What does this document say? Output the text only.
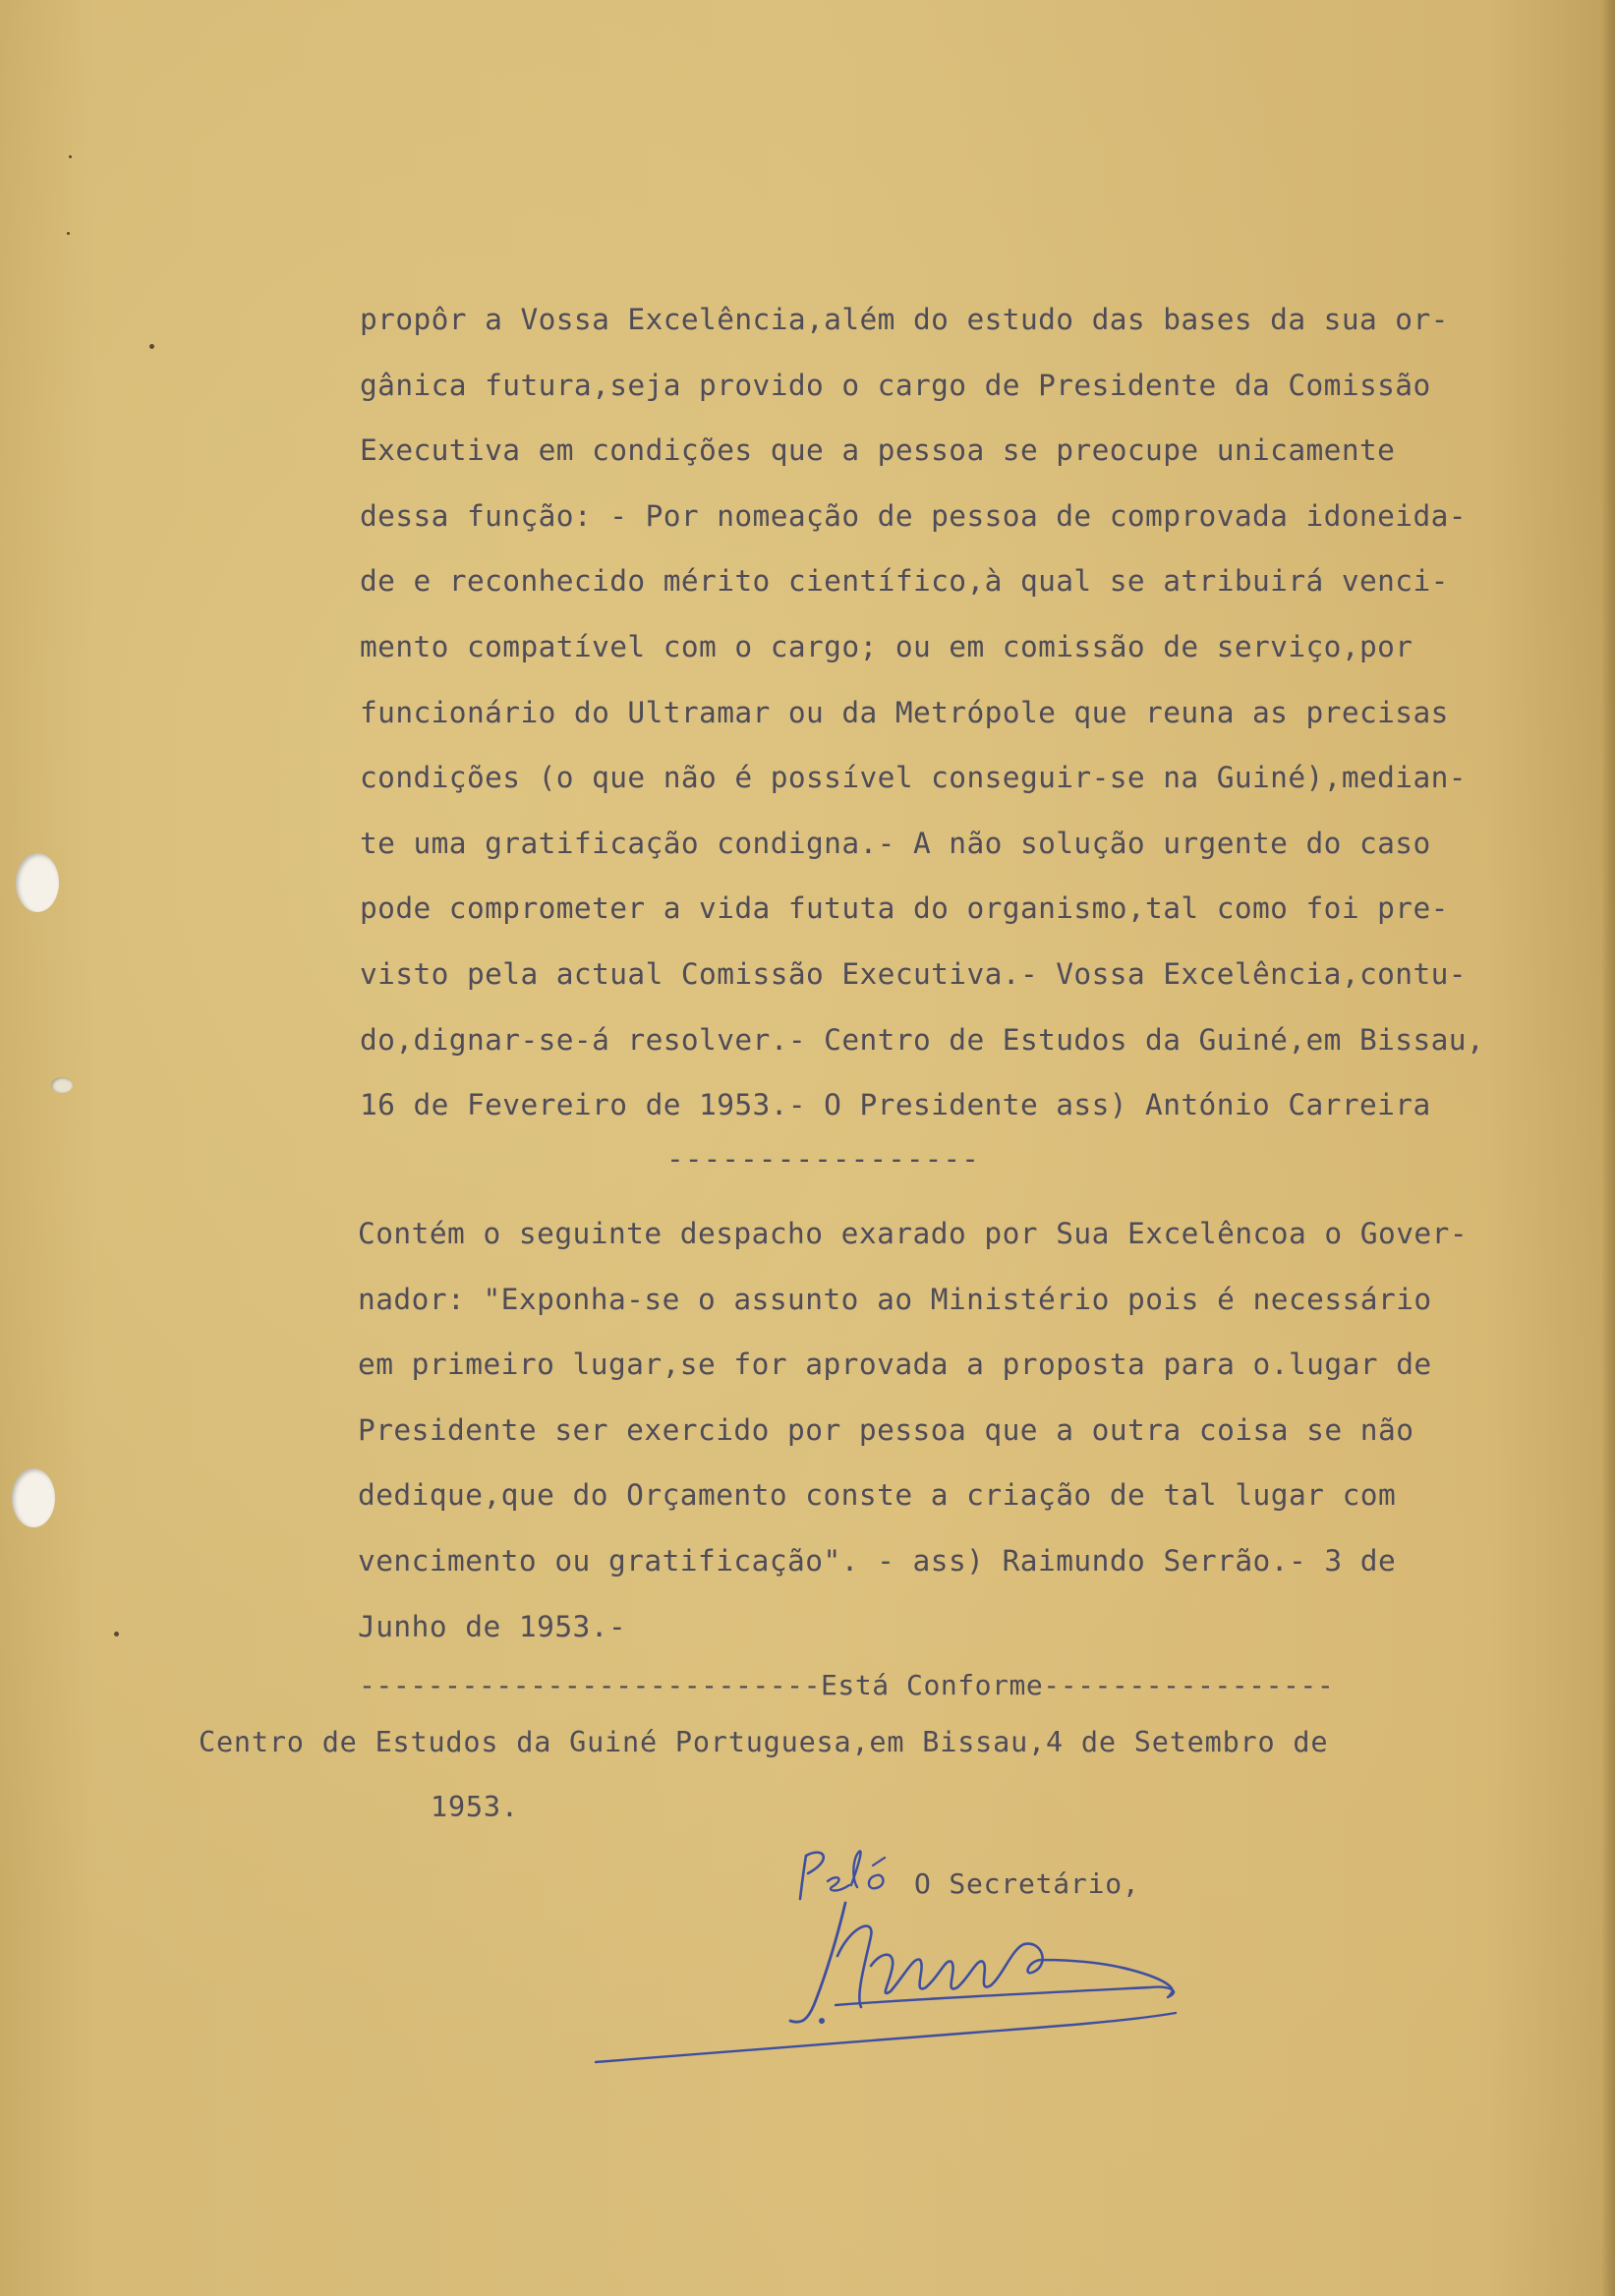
propôr a Vossa Excelência,além do estudo das bases da sua or-
gânica futura,seja provido o cargo de Presidente da Comissão
Executiva em condições que a pessoa se preocupe unicamente
dessa função: - Por nomeação de pessoa de comprovada idoneida-
de e reconhecido mérito científico,à qual se atribuirá venci-
mento compatível com o cargo; ou em comissão de serviço,por
funcionário do Ultramar ou da Metrópole que reuna as precisas
condições (o que não é possível conseguir-se na Guiné),median-
te uma gratificação condigna.- A não solução urgente do caso
pode comprometer a vida fututa do organismo,tal como foi pre-
visto pela actual Comissão Executiva.- Vossa Excelência,contu-
do,dignar-se-á resolver.- Centro de Estudos da Guiné,em Bissau,
16 de Fevereiro de 1953.- O Presidente ass) António Carreira

-----------------

Contém o seguinte despacho exarado por Sua Excelêncoa o Gover-
nador: "Exponha-se o assunto ao Ministério pois é necessário
em primeiro lugar,se for aprovada a proposta para o.lugar de
Presidente ser exercido por pessoa que a outra coisa se não
dedique,que do Orçamento conste a criação de tal lugar com
vencimento ou gratificação". - ass) Raimundo Serrão.- 3 de
Junho de 1953.-

---------------------------Está Conforme-----------------

Centro de Estudos da Guiné Portuguesa,em Bissau,4 de Setembro de

1953.

O Secretário,
